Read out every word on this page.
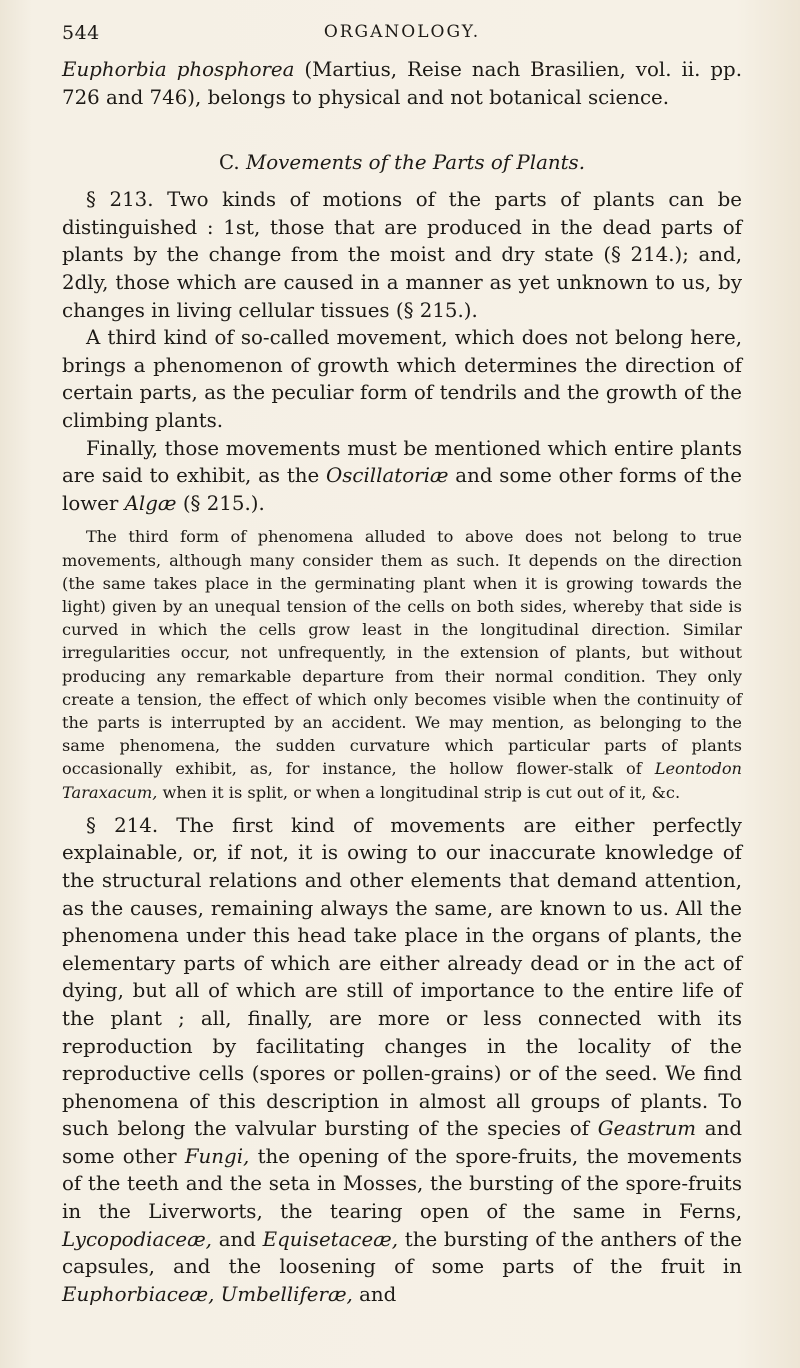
544	ORGANOLOGY.

Euphorbia phosphorea (Martius, Reise nach Brasilien, vol. ii. pp. 726 and 746), belongs to physical and not botanical science.

C. Movements of the Parts of Plants.

§ 213. Two kinds of motions of the parts of plants can be distinguished : 1st, those that are produced in the dead parts of plants by the change from the moist and dry state (§ 214.); and, 2dly, those which are caused in a manner as yet unknown to us, by changes in living cellular tissues (§ 215.).

A third kind of so-called movement, which does not belong here, brings a phenomenon of growth which determines the direction of certain parts, as the peculiar form of tendrils and the growth of the climbing plants.

Finally, those movements must be mentioned which entire plants are said to exhibit, as the Oscillatoriæ and some other forms of the lower Algæ (§ 215.).

The third form of phenomena alluded to above does not belong to true movements, although many consider them as such. It depends on the direction (the same takes place in the germinating plant when it is growing towards the light) given by an unequal tension of the cells on both sides, whereby that side is curved in which the cells grow least in the longitudinal direction. Similar irregularities occur, not unfrequently, in the extension of plants, but without producing any remarkable departure from their normal condition. They only create a tension, the effect of which only becomes visible when the continuity of the parts is interrupted by an accident. We may mention, as belonging to the same phenomena, the sudden curvature which particular parts of plants occasionally exhibit, as, for instance, the hollow flower-stalk of Leontodon Taraxacum, when it is split, or when a longitudinal strip is cut out of it, &c.

§ 214. The first kind of movements are either perfectly explainable, or, if not, it is owing to our inaccurate knowledge of the structural relations and other elements that demand attention, as the causes, remaining always the same, are known to us. All the phenomena under this head take place in the organs of plants, the elementary parts of which are either already dead or in the act of dying, but all of which are still of importance to the entire life of the plant ; all, finally, are more or less connected with its reproduction by facilitating changes in the locality of the reproductive cells (spores or pollen-grains) or of the seed. We find phenomena of this description in almost all groups of plants. To such belong the valvular bursting of the species of Geastrum and some other Fungi, the opening of the spore-fruits, the movements of the teeth and the seta in Mosses, the bursting of the spore-fruits in the Liverworts, the tearing open of the same in Ferns, Lycopodiaceæ, and Equisetaceæ, the bursting of the anthers of the capsules, and the loosening of some parts of the fruit in Euphorbiaceæ, Umbelliferæ, and
